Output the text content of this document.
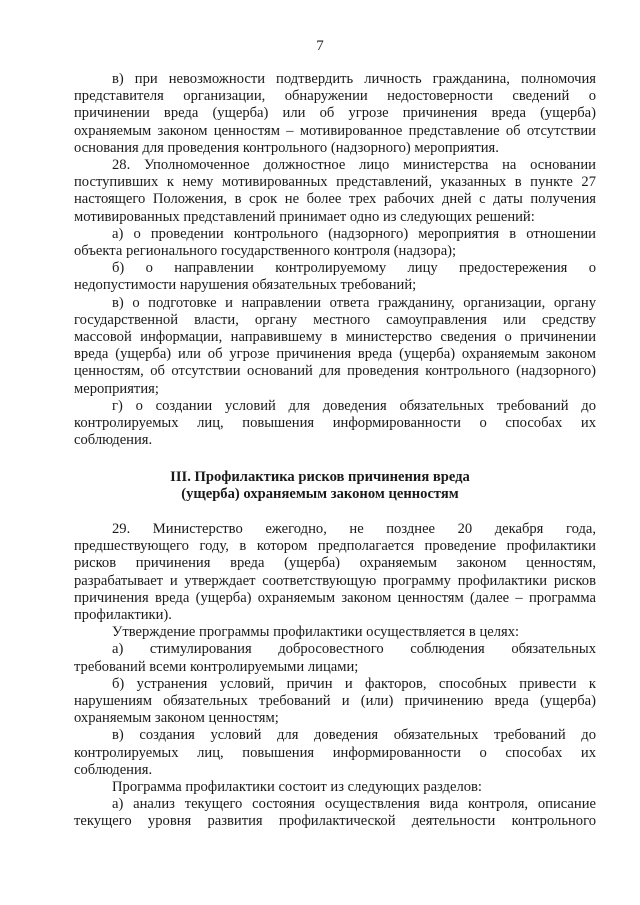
7
в) при невозможности подтвердить личность гражданина, полномочия
представителя организации, обнаружении недостоверности сведений о
причинении вреда (ущерба) или об угрозе причинения вреда (ущерба)
охраняемым законом ценностям – мотивированное представление об отсутствии
основания для проведения контрольного (надзорного) мероприятия.
28. Уполномоченное должностное лицо министерства на основании
поступивших к нему мотивированных представлений, указанных в пункте 27
настоящего Положения, в срок не более трех рабочих дней с даты получения
мотивированных представлений принимает одно из следующих решений:
а) о проведении контрольного (надзорного) мероприятия в отношении
объекта регионального государственного контроля (надзора);
б) о направлении контролируемому лицу предостережения о
недопустимости нарушения обязательных требований;
в) о подготовке и направлении ответа гражданину, организации, органу
государственной власти, органу местного самоуправления или средству
массовой информации, направившему в министерство сведения о причинении
вреда (ущерба) или об угрозе причинения вреда (ущерба) охраняемым законом
ценностям, об отсутствии оснований для проведения контрольного (надзорного)
мероприятия;
г) о создании условий для доведения обязательных требований до
контролируемых лиц, повышения информированности о способах их
соблюдения.
III. Профилактика рисков причинения вреда
(ущерба) охраняемым законом ценностям
29. Министерство ежегодно, не позднее 20 декабря года,
предшествующего году, в котором предполагается проведение профилактики
рисков причинения вреда (ущерба) охраняемым законом ценностям,
разрабатывает и утверждает соответствующую программу профилактики рисков
причинения вреда (ущерба) охраняемым законом ценностям (далее – программа
профилактики).
Утверждение программы профилактики осуществляется в целях:
а) стимулирования добросовестного соблюдения обязательных
требований всеми контролируемыми лицами;
б) устранения условий, причин и факторов, способных привести к
нарушениям обязательных требований и (или) причинению вреда (ущерба)
охраняемым законом ценностям;
в) создания условий для доведения обязательных требований до
контролируемых лиц, повышения информированности о способах их
соблюдения.
Программа профилактики состоит из следующих разделов:
а) анализ текущего состояния осуществления вида контроля, описание
текущего уровня развития профилактической деятельности контрольного
